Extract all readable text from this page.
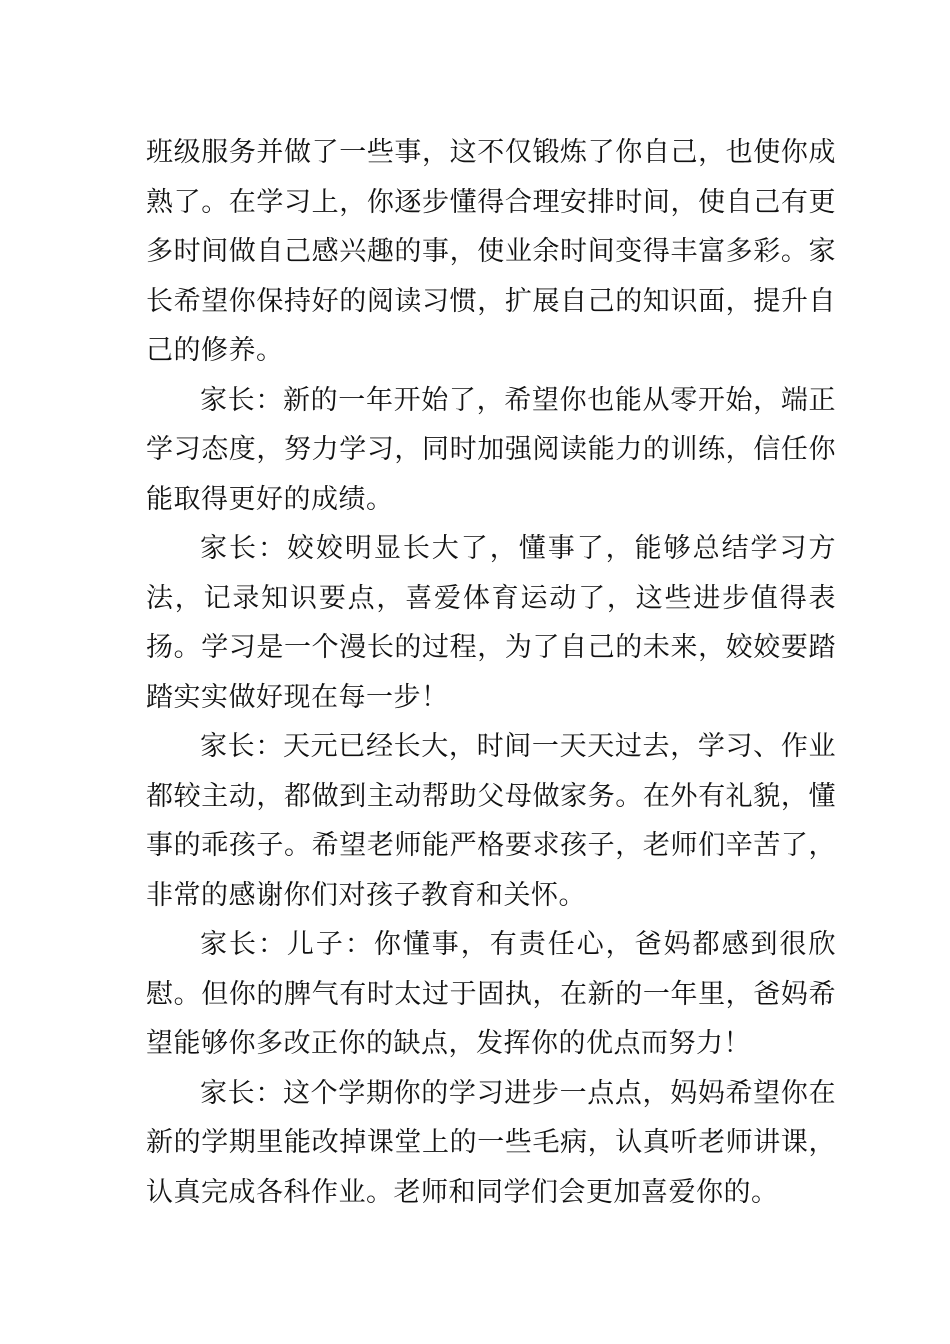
班级服务并做了一些事，这不仅锻炼了你自己，也使你成熟了。在学习上，你逐步懂得合理安排时间，使自己有更多时间做自己感兴趣的事，使业余时间变得丰富多彩。家长希望你保持好的阅读习惯，扩展自己的知识面，提升自己的修养。

家长：新的一年开始了，希望你也能从零开始，端正学习态度，努力学习，同时加强阅读能力的训练，信任你能取得更好的成绩。

家长：姣姣明显长大了，懂事了，能够总结学习方法，记录知识要点，喜爱体育运动了，这些进步值得表扬。学习是一个漫长的过程，为了自己的未来，姣姣要踏踏实实做好现在每一步！

家长：天元已经长大，时间一天天过去，学习、作业都较主动，都做到主动帮助父母做家务。在外有礼貌，懂事的乖孩子。希望老师能严格要求孩子，老师们辛苦了，非常的感谢你们对孩子教育和关怀。

家长：儿子：你懂事，有责任心，爸妈都感到很欣慰。但你的脾气有时太过于固执，在新的一年里，爸妈希望能够你多改正你的缺点，发挥你的优点而努力！

家长：这个学期你的学习进步一点点，妈妈希望你在新的学期里能改掉课堂上的一些毛病，认真听老师讲课，认真完成各科作业。老师和同学们会更加喜爱你的。
